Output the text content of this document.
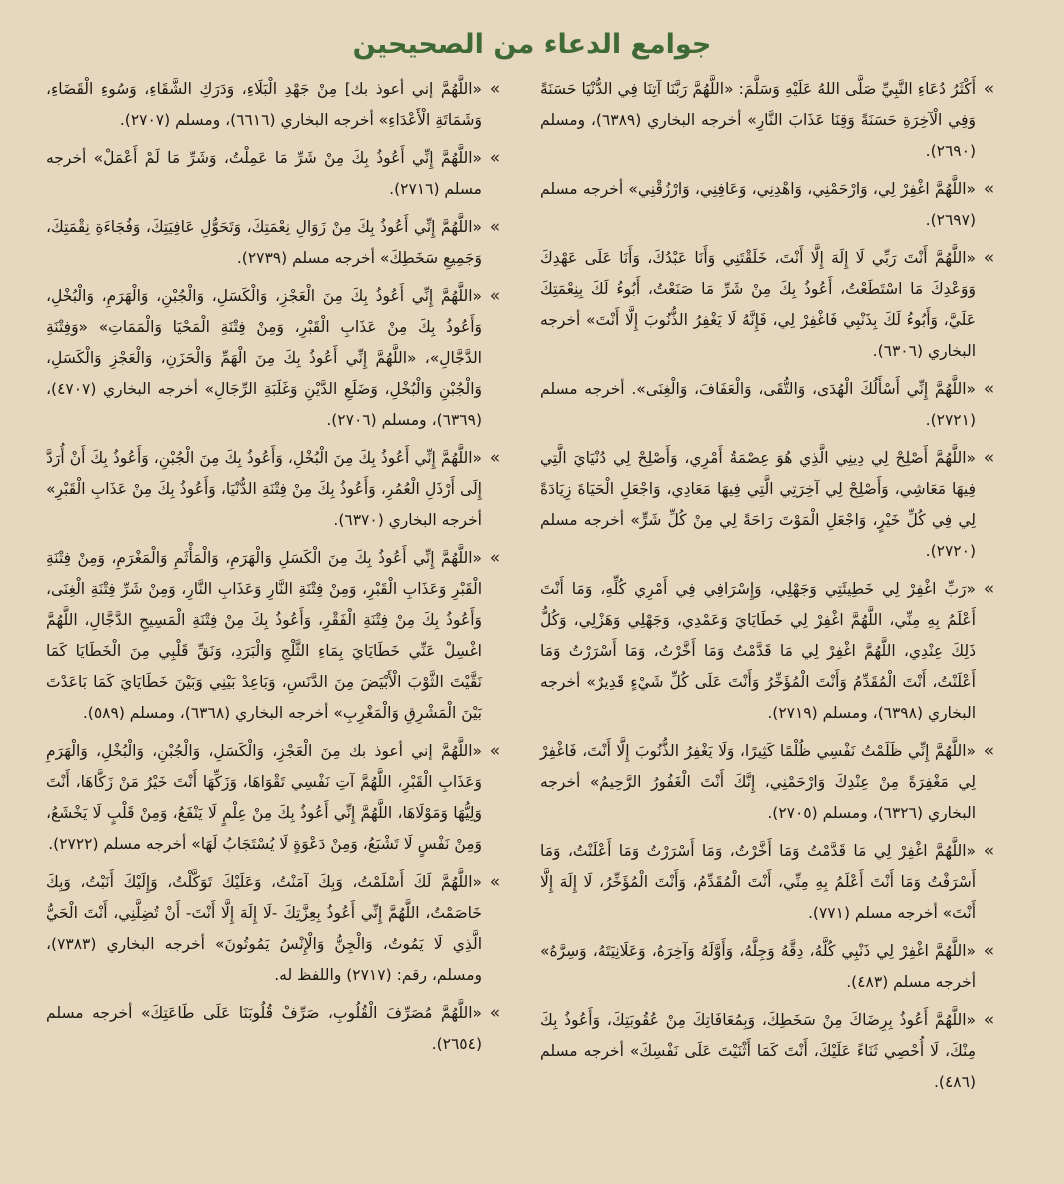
جوامع الدعاء من الصحيحين
»
أَكْثَرُ دُعَاءِ النَّبِيِّ صَلَّى اللهُ عَلَيْهِ وَسَلَّمَ: «اللَّهُمَّ رَبَّنَا آتِنَا فِي الدُّنْيَا حَسَنَةً وَفِي الْآخِرَةِ حَسَنَةً وَقِنَا عَذَابَ النَّارِ» أخرجه البخاري (٦٣٨٩)، ومسلم (٢٦٩٠).
»
«اللَّهُمَّ اغْفِرْ لِي، وَارْحَمْنِي، وَاهْدِنِي، وَعَافِنِي، وَارْزُقْنِي» أخرجه مسلم (٢٦٩٧).
»
«اللَّهُمَّ أَنْتَ رَبِّي لَا إِلَهَ إِلَّا أَنْتَ، خَلَقْتَنِي وَأَنَا عَبْدُكَ، وَأَنَا عَلَى عَهْدِكَ وَوَعْدِكَ مَا اسْتَطَعْتُ، أَعُوذُ بِكَ مِنْ شَرِّ مَا صَنَعْتُ، أَبُوءُ لَكَ بِنِعْمَتِكَ عَلَيَّ، وَأَبُوءُ لَكَ بِذَنْبِي فَاغْفِرْ لِي، فَإِنَّهُ لَا يَغْفِرُ الذُّنُوبَ إِلَّا أَنْتَ» أخرجه البخاري (٦٣٠٦).
»
«اللَّهُمَّ إِنِّي أَسْأَلُكَ الْهُدَى، وَالتُّقَى، وَالْعَفَافَ، وَالْغِنَى». أخرجه مسلم (٢٧٢١).
»
«اللَّهُمَّ أَصْلِحْ لِي دِينِي الَّذِي هُوَ عِصْمَةُ أَمْرِي، وَأَصْلِحْ لِي دُنْيَايَ الَّتِي فِيهَا مَعَاشِي، وَأَصْلِحْ لِي آخِرَتِي الَّتِي فِيهَا مَعَادِي، وَاجْعَلِ الْحَيَاةَ زِيَادَةً لِي فِي كُلِّ خَيْرٍ، وَاجْعَلِ الْمَوْتَ رَاحَةً لِي مِنْ كُلِّ شَرٍّ» أخرجه مسلم (٢٧٢٠).
»
«رَبِّ اغْفِرْ لِي خَطِيئَتِي وَجَهْلِي، وَإِسْرَافِي فِي أَمْرِي كُلِّهِ، وَمَا أَنْتَ أَعْلَمُ بِهِ مِنِّي، اللَّهُمَّ اغْفِرْ لِي خَطَايَايَ وَعَمْدِي، وَجَهْلِي وَهَزْلِي، وَكُلُّ ذَلِكَ عِنْدِي، اللَّهُمَّ اغْفِرْ لِي مَا قَدَّمْتُ وَمَا أَخَّرْتُ، وَمَا أَسْرَرْتُ وَمَا أَعْلَنْتُ، أَنْتَ الْمُقَدِّمُ وَأَنْتَ الْمُؤَخِّرُ وَأَنْتَ عَلَى كُلِّ شَيْءٍ قَدِيرٌ» أخرجه البخاري (٦٣٩٨)، ومسلم (٢٧١٩).
»
«اللَّهُمَّ إِنِّي ظَلَمْتُ نَفْسِي ظُلْمًا كَثِيرًا، وَلَا يَغْفِرُ الذُّنُوبَ إِلَّا أَنْتَ، فَاغْفِرْ لِي مَغْفِرَةً مِنْ عِنْدِكَ وَارْحَمْنِي، إِنَّكَ أَنْتَ الْغَفُورُ الرَّحِيمُ» أخرجه البخاري (٦٣٢٦)، ومسلم (٢٧٠٥).
»
«اللَّهُمَّ اغْفِرْ لِي مَا قَدَّمْتُ وَمَا أَخَّرْتُ، وَمَا أَسْرَرْتُ وَمَا أَعْلَنْتُ، وَمَا أَسْرَفْتُ وَمَا أَنْتَ أَعْلَمُ بِهِ مِنِّي، أَنْتَ الْمُقَدِّمُ، وَأَنْتَ الْمُؤَخِّرُ، لَا إِلَهَ إِلَّا أَنْتَ» أخرجه مسلم (٧٧١).
»
«اللَّهُمَّ اغْفِرْ لِي ذَنْبِي كُلَّهُ، دِقَّهُ وَجِلَّهُ، وَأَوَّلَهُ وَآخِرَهُ، وَعَلَانِيَتَهُ، وَسِرَّهُ» أخرجه مسلم (٤٨٣).
»
«اللَّهُمَّ أَعُوذُ بِرِضَاكَ مِنْ سَخَطِكَ، وَبِمُعَافَاتِكَ مِنْ عُقُوبَتِكَ، وَأَعُوذُ بِكَ مِنْكَ، لَا أُحْصِي ثَنَاءً عَلَيْكَ، أَنْتَ كَمَا أَثْنَيْتَ عَلَى نَفْسِكَ» أخرجه مسلم (٤٨٦).
»
«اللَّهُمَّ إني أعوذ بك] مِنْ جَهْدِ الْبَلَاءِ، وَدَرَكِ الشَّقَاءِ، وَسُوءِ الْقَضَاءِ، وَشَمَاتَةِ الْأَعْدَاءِ» أخرجه البخاري (٦٦١٦)، ومسلم (٢٧٠٧).
»
«اللَّهُمَّ إِنِّي أَعُوذُ بِكَ مِنْ شَرِّ مَا عَمِلْتُ، وَشَرِّ مَا لَمْ أَعْمَلْ» أخرجه مسلم (٢٧١٦).
»
«اللَّهُمَّ إِنِّي أَعُوذُ بِكَ مِنْ زَوَالِ نِعْمَتِكَ، وَتَحَوُّلِ عَافِيَتِكَ، وَفُجَاءَةِ نِقْمَتِكَ، وَجَمِيعِ سَخَطِكَ» أخرجه مسلم (٢٧٣٩).
»
«اللَّهُمَّ إِنِّي أَعُوذُ بِكَ مِنَ الْعَجْزِ، وَالْكَسَلِ، وَالْجُبْنِ، وَالْهَرَمِ، وَالْبُخْلِ، وَأَعُوذُ بِكَ مِنْ عَذَابِ الْقَبْرِ، وَمِنْ فِتْنَةِ الْمَحْيَا وَالْمَمَاتِ» «وَفِتْنَةِ الدَّجَّالِ»، «اللَّهُمَّ إِنِّي أَعُوذُ بِكَ مِنَ الْهَمِّ وَالْحَزَنِ، وَالْعَجْزِ وَالْكَسَلِ، وَالْجُبْنِ وَالْبُخْلِ، وَضَلَعِ الدَّيْنِ وَغَلَبَةِ الرِّجَالِ» أخرجه البخاري (٤٧٠٧)، (٦٣٦٩)، ومسلم (٢٧٠٦).
»
«اللَّهُمَّ إِنِّي أَعُوذُ بِكَ مِنَ الْبُخْلِ، وَأَعُوذُ بِكَ مِنَ الْجُبْنِ، وَأَعُوذُ بِكَ أَنْ أُرَدَّ إِلَى أَرْذَلِ الْعُمُرِ، وَأَعُوذُ بِكَ مِنْ فِتْنَةِ الدُّنْيَا، وَأَعُوذُ بِكَ مِنْ عَذَابِ الْقَبْرِ» أخرجه البخاري (٦٣٧٠).
»
«اللَّهُمَّ إِنِّي أَعُوذُ بِكَ مِنَ الْكَسَلِ وَالْهَرَمِ، وَالْمَأْثَمِ وَالْمَغْرَمِ، وَمِنْ فِتْنَةِ الْقَبْرِ وَعَذَابِ الْقَبْرِ، وَمِنْ فِتْنَةِ النَّارِ وَعَذَابِ النَّارِ، وَمِنْ شَرِّ فِتْنَةِ الْغِنَى، وَأَعُوذُ بِكَ مِنْ فِتْنَةِ الْفَقْرِ، وَأَعُوذُ بِكَ مِنْ فِتْنَةِ الْمَسِيحِ الدَّجَّالِ، اللَّهُمَّ اغْسِلْ عَنِّي خَطَايَايَ بِمَاءِ الثَّلْجِ وَالْبَرَدِ، وَنَقِّ قَلْبِي مِنَ الْخَطَايَا كَمَا نَقَّيْتَ الثَّوْبَ الْأَبْيَضَ مِنَ الدَّنَسِ، وَبَاعِدْ بَيْنِي وَبَيْنَ خَطَايَايَ كَمَا بَاعَدْتَ بَيْنَ الْمَشْرِقِ وَالْمَغْرِبِ» أخرجه البخاري (٦٣٦٨)، ومسلم (٥٨٩).
»
«اللَّهُمَّ إني أعوذ بك مِنَ الْعَجْزِ، وَالْكَسَلِ، وَالْجُبْنِ، وَالْبُخْلِ، وَالْهَرَمِ وَعَذَابِ الْقَبْرِ، اللَّهُمَّ آتِ نَفْسِي تَقْوَاهَا، وَزَكِّهَا أَنْتَ خَيْرُ مَنْ زَكَّاهَا، أَنْتَ وَلِيُّهَا وَمَوْلَاهَا، اللَّهُمَّ إِنِّي أَعُوذُ بِكَ مِنْ عِلْمٍ لَا يَنْفَعُ، وَمِنْ قَلْبٍ لَا يَخْشَعُ، وَمِنْ نَفْسٍ لَا تَشْبَعُ، وَمِنْ دَعْوَةٍ لَا يُسْتَجَابُ لَهَا» أخرجه مسلم (٢٧٢٢).
»
«اللَّهُمَّ لَكَ أَسْلَمْتُ، وَبِكَ آمَنْتُ، وَعَلَيْكَ تَوَكَّلْتُ، وَإِلَيْكَ أَنَبْتُ، وَبِكَ خَاصَمْتُ، اللَّهُمَّ إِنِّي أَعُوذُ بِعِزَّتِكَ -لَا إِلَهَ إِلَّا أَنْتَ- أَنْ تُضِلَّنِي، أَنْتَ الْحَيُّ الَّذِي لَا يَمُوتُ، وَالْجِنُّ وَالْإِنْسُ يَمُوتُونَ» أخرجه البخاري (٧٣٨٣)، ومسلم، رقم: (٢٧١٧) واللفظ له.
»
«اللَّهُمَّ مُصَرِّفَ الْقُلُوبِ، صَرِّفْ قُلُوبَنَا عَلَى طَاعَتِكَ» أخرجه مسلم (٢٦٥٤).
